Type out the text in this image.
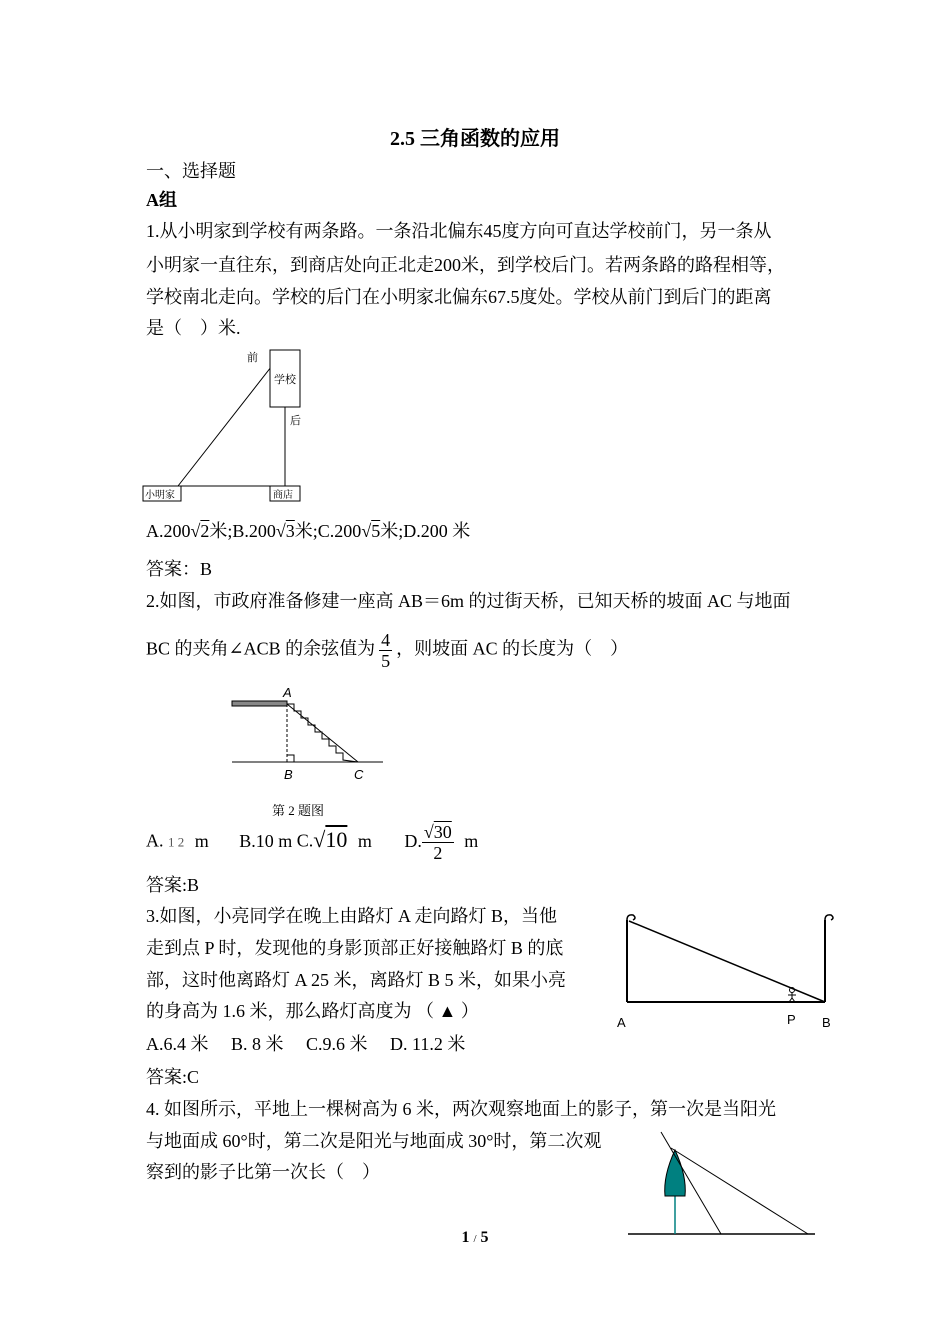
2.5 三角函数的应用
一、选择题
A组
1.从小明家到学校有两条路。一条沿北偏东45度方向可直达学校前门，另一条从
小明家一直往东，到商店处向正北走200米，到学校后门。若两条路的路程相等，
学校南北走向。学校的后门在小明家北偏东67.5度处。学校从前门到后门的距离
是（　）米.
学校
前
后
小明家	商店
A.200√2米;B.200√3米;C.200√5米;D.200 米
答案：B
2.如图，市政府准备修建一座高 AB＝6m 的过街天桥，已知天桥的坡面 AC 与地面
BC 的夹角∠ACB 的余弦值为 $\frac{4}{5}$ ，则坡面 AC 的长度为（　）
A
B	C
第 2 题图
A. 1 2 m B.10 m C.√10 m D. $\frac{√30}{2}$ m
答案:B
3.如图，小亮同学在晚上由路灯 A 走向路灯 B，当他
走到点 P 时，发现他的身影顶部正好接触路灯 B 的底
部，这时他离路灯 A 25 米，离路灯 B 5 米，如果小亮
的身高为 1.6 米，那么路灯高度为 （ ▲ ）
A.6.4 米　 B. 8 米　 C.9.6 米　 D. 11.2 米
A	P B
答案:C
4. 如图所示，平地上一棵树高为 6 米，两次观察地面上的影子，第一次是当阳光
与地面成 60°时，第二次是阳光与地面成 30°时，第二次观
察到的影子比第一次长（　）
1 / 5
